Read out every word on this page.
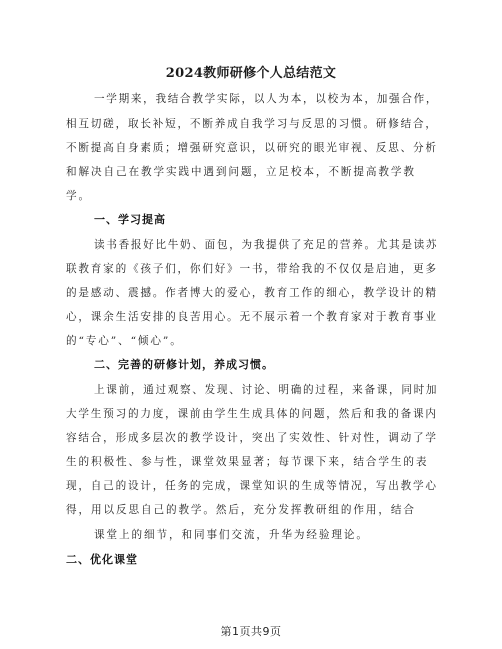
2024教师研修个人总结范文
一学期来，我结合教学实际，以人为本，以校为本，加强合作，
相互切磋，取长补短，不断养成自我学习与反思的习惯。研修结合，
不断提高自身素质；增强研究意识，以研究的眼光审视、反思、分析
和解决自己在教学实践中遇到问题，立足校本，不断提高教学教
学。
一、学习提高
读书香报好比牛奶、面包，为我提供了充足的营养。尤其是读苏
联教育家的《孩子们，你们好》一书，带给我的不仅仅是启迪，更多
的是感动、震撼。作者博大的爱心，教育工作的细心，教学设计的精
心，课余生活安排的良苦用心。无不展示着一个教育家对于教育事业
的“专心”、“倾心”。
二、完善的研修计划，养成习惯。
上课前，通过观察、发现、讨论、明确的过程，来备课，同时加
大学生预习的力度，课前由学生生成具体的问题，然后和我的备课内
容结合，形成多层次的教学设计，突出了实效性、针对性，调动了学
生的积极性、参与性，课堂效果显著；每节课下来，结合学生的表
现，自己的设计，任务的完成，课堂知识的生成等情况，写出教学心
得，用以反思自己的教学。然后，充分发挥教研组的作用，结合
课堂上的细节，和同事们交流，升华为经验理论。
二、优化课堂
第1页共9页
